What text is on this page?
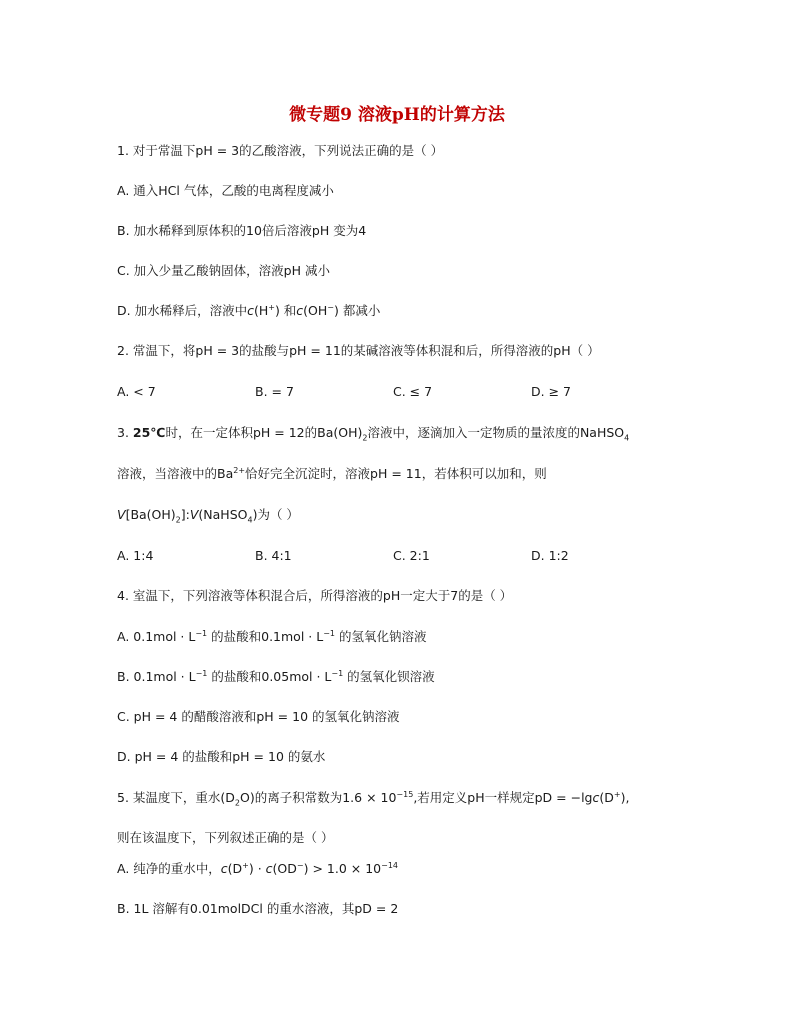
微专题9 溶液pH的计算方法
1. 对于常温下pH = 3的乙酸溶液，下列说法正确的是（ ）
A. 通入HCl 气体，乙酸的电离程度减小
B. 加水稀释到原体积的10倍后溶液pH 变为4
C. 加入少量乙酸钠固体，溶液pH 减小
D. 加水稀释后，溶液中c(H+) 和c(OH−) 都减小
2. 常温下，将pH = 3的盐酸与pH = 11的某碱溶液等体积混和后，所得溶液的pH（ ）
A. < 7	B. = 7	C. ≤ 7	D. ≥ 7
3. 25℃时，在一定体积pH = 12的$Ba(OH)_2$溶液中，逐滴加入一定物质的量浓度的NaHSO$_4$
溶液，当溶液中的$Ba^{2+}$恰好完全沉淀时，溶液pH = 11，若体积可以加和，则
$V[Ba(OH)_2]:V(NaHSO_4)$为（ ）
A. 1:4	B. 4:1	C. 2:1	D. 1:2
4. 室温下，下列溶液等体积混合后，所得溶液的pH一定大于7的是（ ）
A. $0.1mol \cdot L^{-1}$ 的盐酸和$0.1mol \cdot L^{-1}$ 的氢氧化钠溶液
B. $0.1mol \cdot L^{-1}$ 的盐酸和$0.05mol \cdot L^{-1}$ 的氢氧化钡溶液
C. pH = 4 的醋酸溶液和pH = 10 的氢氧化钠溶液
D. pH = 4 的盐酸和pH = 10 的氨水
5. 某温度下，重水$(D_2O)$的离子积常数为$1.6 \times 10^{-15}$,若用定义pH一样规定pD = −lgc(D+),
则在该温度下，下列叙述正确的是（ ）
A. 纯净的重水中，$c(D^+) \cdot c(OD^-) > 1.0 \times 10^{-14}$
B. 1L 溶解有0.01molDCl 的重水溶液，其pD = 2
